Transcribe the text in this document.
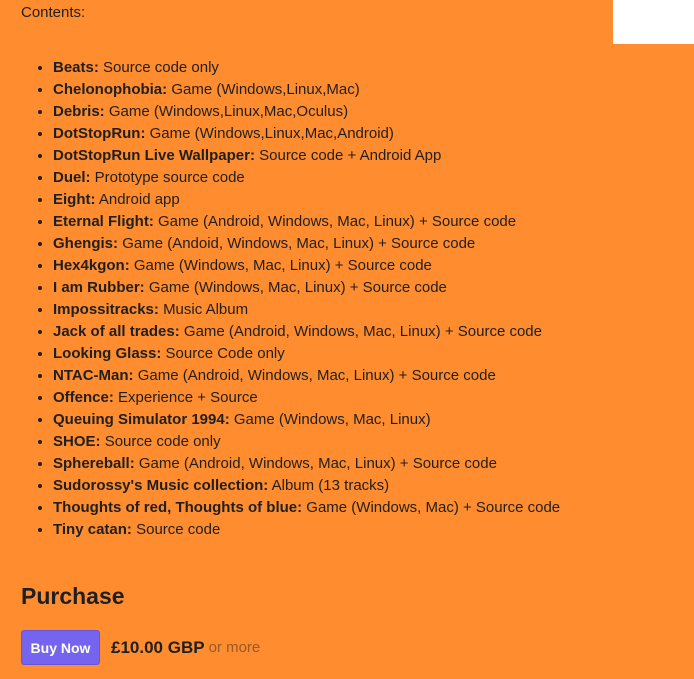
Contents:
• Beats: Source code only
• Chelonophobia: Game (Windows,Linux,Mac)
• Debris: Game (Windows,Linux,Mac,Oculus)
• DotStopRun: Game (Windows,Linux,Mac,Android)
• DotStopRun Live Wallpaper: Source code + Android App
• Duel: Prototype source code
• Eight: Android app
• Eternal Flight: Game (Android, Windows, Mac, Linux) + Source code
• Ghengis: Game (Andoid, Windows, Mac, Linux) + Source code
• Hex4kgon: Game (Windows, Mac, Linux) + Source code
• I am Rubber: Game (Windows, Mac, Linux) + Source code
• Impossitracks: Music Album
• Jack of all trades: Game (Android, Windows, Mac, Linux) + Source code
• Looking Glass: Source Code only
• NTAC-Man: Game (Android, Windows, Mac, Linux) + Source code
• Offence: Experience + Source
• Queuing Simulator 1994: Game (Windows, Mac, Linux)
• SHOE: Source code only
• Sphereball: Game (Android, Windows, Mac, Linux) + Source code
• Sudorossy's Music collection: Album (13 tracks)
• Thoughts of red, Thoughts of blue: Game (Windows, Mac) + Source code
• Tiny catan: Source code
Purchase
Buy Now	£10.00 GBP or more
